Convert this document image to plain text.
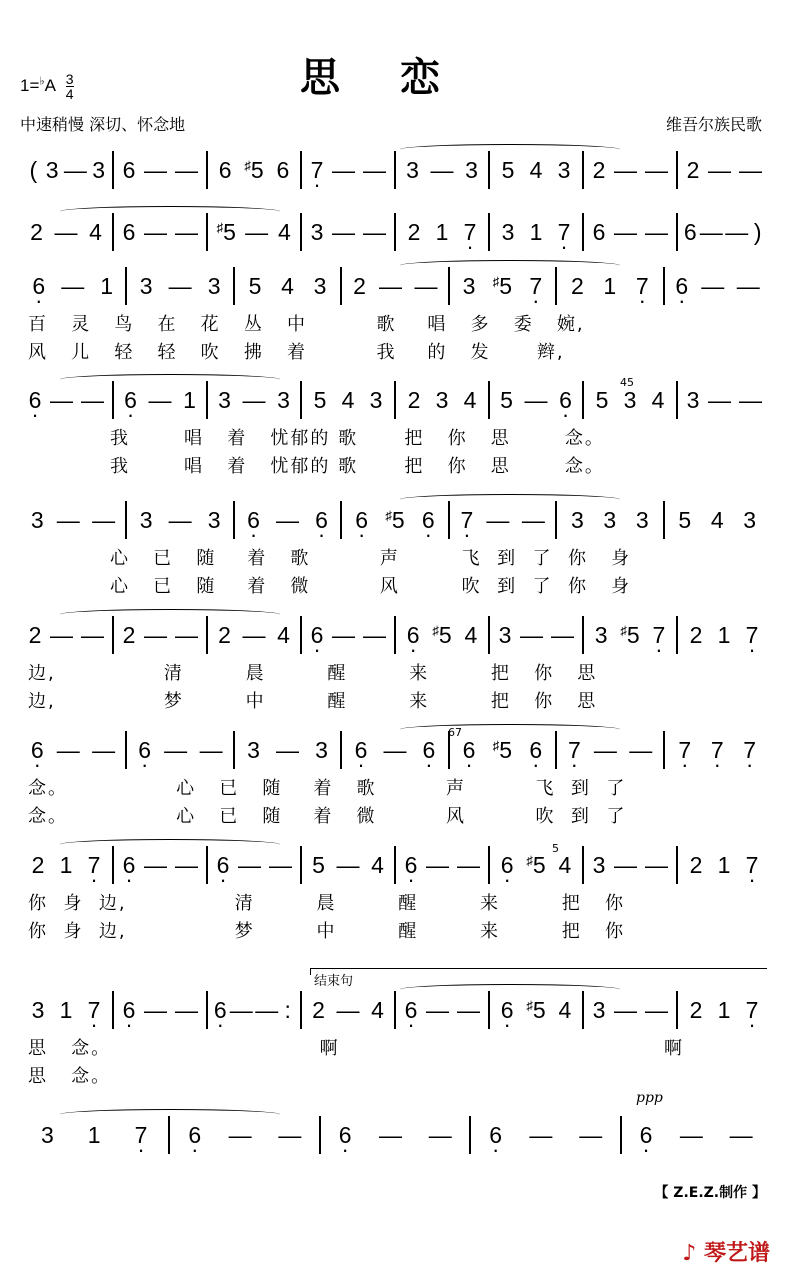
思恋
$1=^♭A \frac{3}{4}$
中速稍慢 深切、怀念地	维吾尔族民歌
( 3 — 3 6 — — 6 ♯5 6 7 · — — 3 — 3 5 4 3 2 — — 2 — —
2 — 4 6 — — ♯5 — 4 3 — — 2 1 7 · 3 1 7 · 6 — — 6 — — )
6 · — 1 3 — 3 5 4 3 2 — — 3 ♯5 7 · 2 1 7 · 6 · — —
百   灵   鸟   在   花   丛   中         歌    唱   多   委   婉,
风   儿   轻   轻   吹   拂   着         我    的   发      辫,
6 · — — 6 · — 1 3 — 3 5 4 3 2 3 4 5 — 6 · 5 3 4 3 — —
我       唱   着   忧郁的 歌      把   你   思       念。
我       唱   着   忧郁的 歌      把   你   思       念。
3 — — 3 — 3 6 · — 6 · 6 · ♯5 6 · 7 · — — 3 3 3 5 4 3
心   已   随    着   歌         声        飞  到  了  你   身
心   已   随    着   微         风        吹  到  了  你   身
2 — — 2 — — 2 — 4 6 · — — 6 · ♯5 4 3 — — 3 ♯5 7 · 2 1 7 ·
边,              清        晨        醒        来        把   你   思
边,              梦        中        醒        来        把   你   思
6 · — — 6 · — — 3 — 3 6 · — 6 · 6 · ♯5 6 · 7 · — — 7 · 7 · 7 ·
念。              心   已   随    着   歌         声         飞  到  了
念。              心   已   随    着   微         风         吹  到  了
2 1 7 · 6 · — — 6 · — — 5 — 4 6 · — — 6 · ♯5 4 3 — — 2 1 7 ·
你  身  边,              清        晨        醒        来        把   你
你  身  边,              梦        中        醒        来        把   你
3 1 7 · 6 · — — 6 · — — : 2 — 4 6 · — — 6 · ♯5 4 3 — — 2 1 7 ·
思   念。                           啊                                          啊
思   念。
3 1 7 · 6 · — — 6 · — — 6 · — — 6 · — —
结束句
ppp
45
67
5
【 Z.E.Z.制作 】
♪ 琴艺谱
